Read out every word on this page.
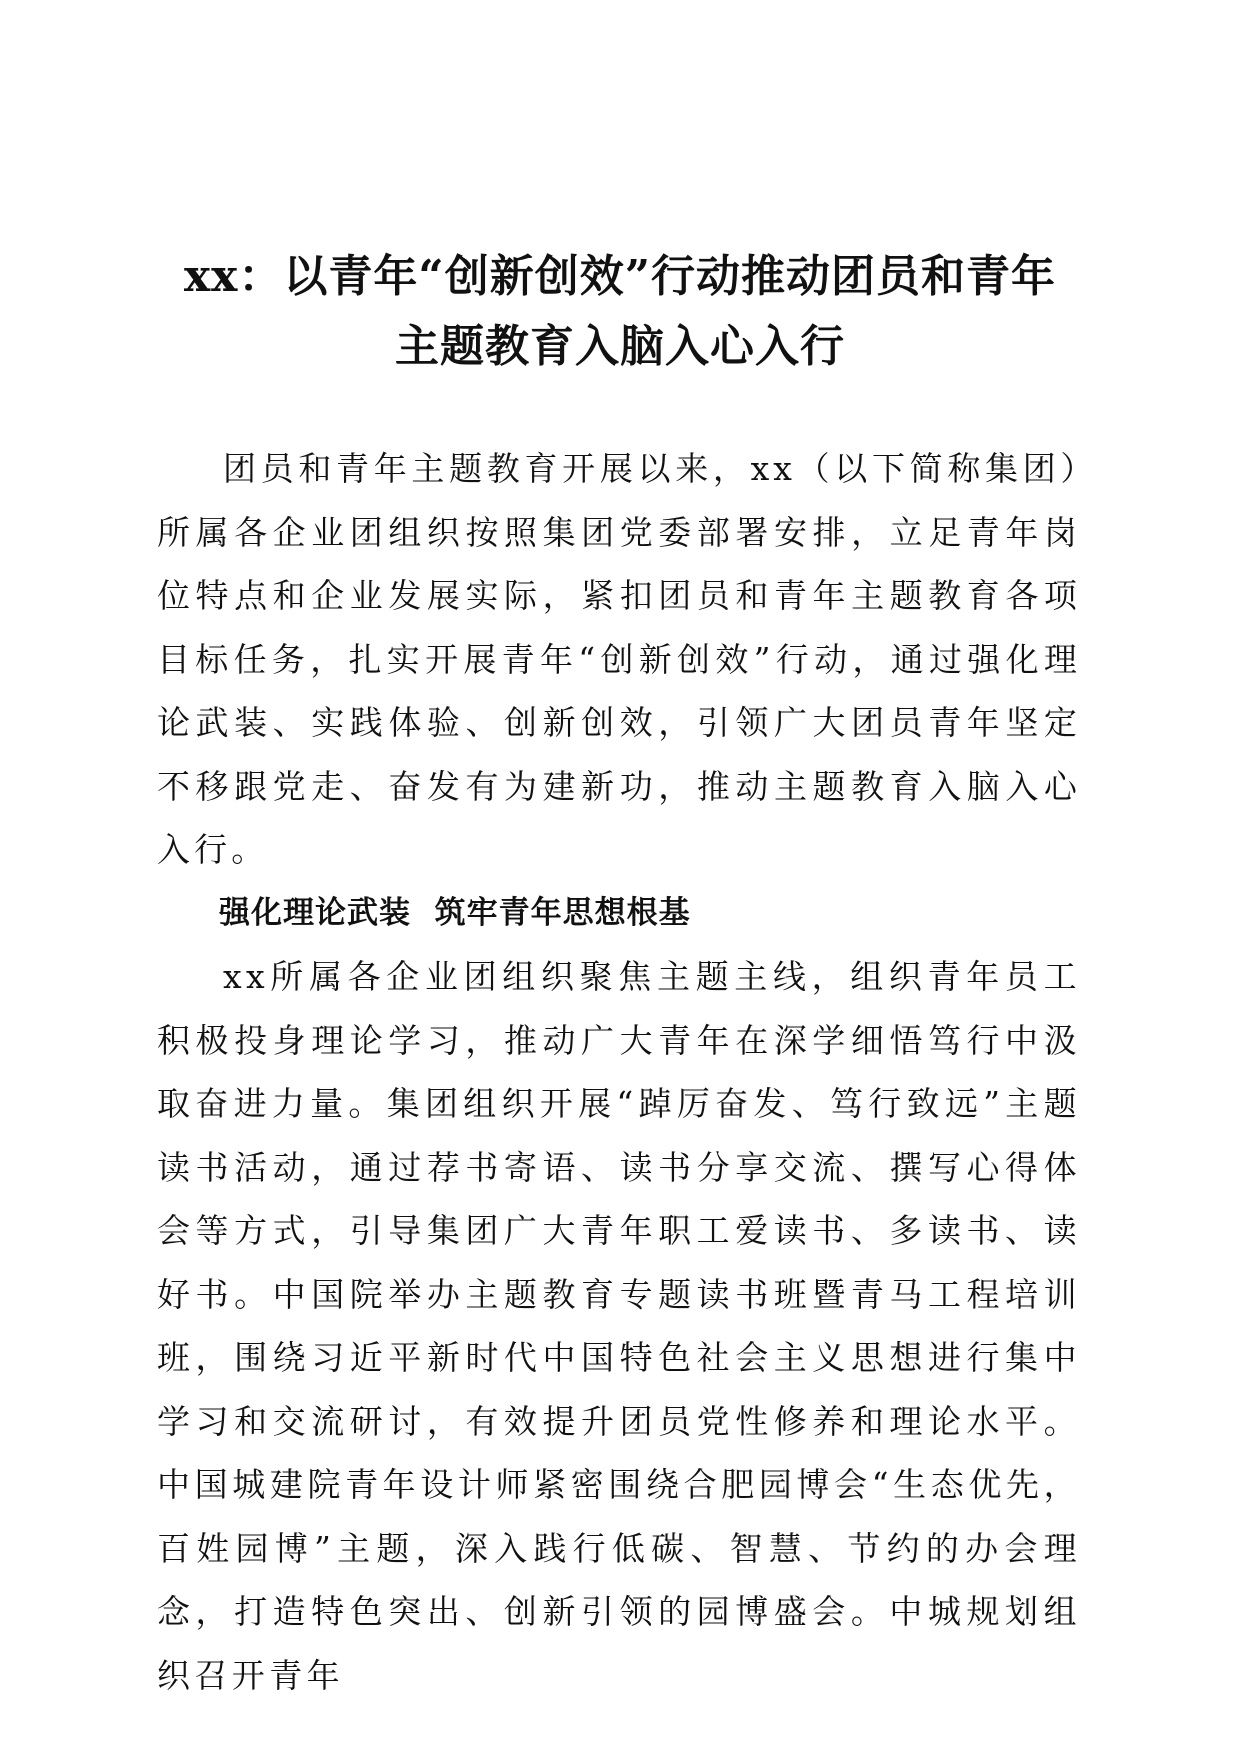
xx：以青年“创新创效”行动推动团员和青年
主题教育入脑入心入行

团员和青年主题教育开展以来，xx（以下简称集团）所属各企业团组织按照集团党委部署安排，立足青年岗位特点和企业发展实际，紧扣团员和青年主题教育各项目标任务，扎实开展青年“创新创效”行动，通过强化理论武装、实践体验、创新创效，引领广大团员青年坚定不移跟党走、奋发有为建新功，推动主题教育入脑入心入行。

强化理论武装  筑牢青年思想根基

xx所属各企业团组织聚焦主题主线，组织青年员工积极投身理论学习，推动广大青年在深学细悟笃行中汲取奋进力量。集团组织开展“踔厉奋发、笃行致远”主题读书活动，通过荐书寄语、读书分享交流、撰写心得体会等方式，引导集团广大青年职工爱读书、多读书、读好书。中国院举办主题教育专题读书班暨青马工程培训班，围绕习近平新时代中国特色社会主义思想进行集中学习和交流研讨，有效提升团员党性修养和理论水平。中国城建院青年设计师紧密围绕合肥园博会“生态优先，百姓园博”主题，深入践行低碳、智慧、节约的办会理念，打造特色突出、创新引领的园博盛会。中城规划组织召开青年
